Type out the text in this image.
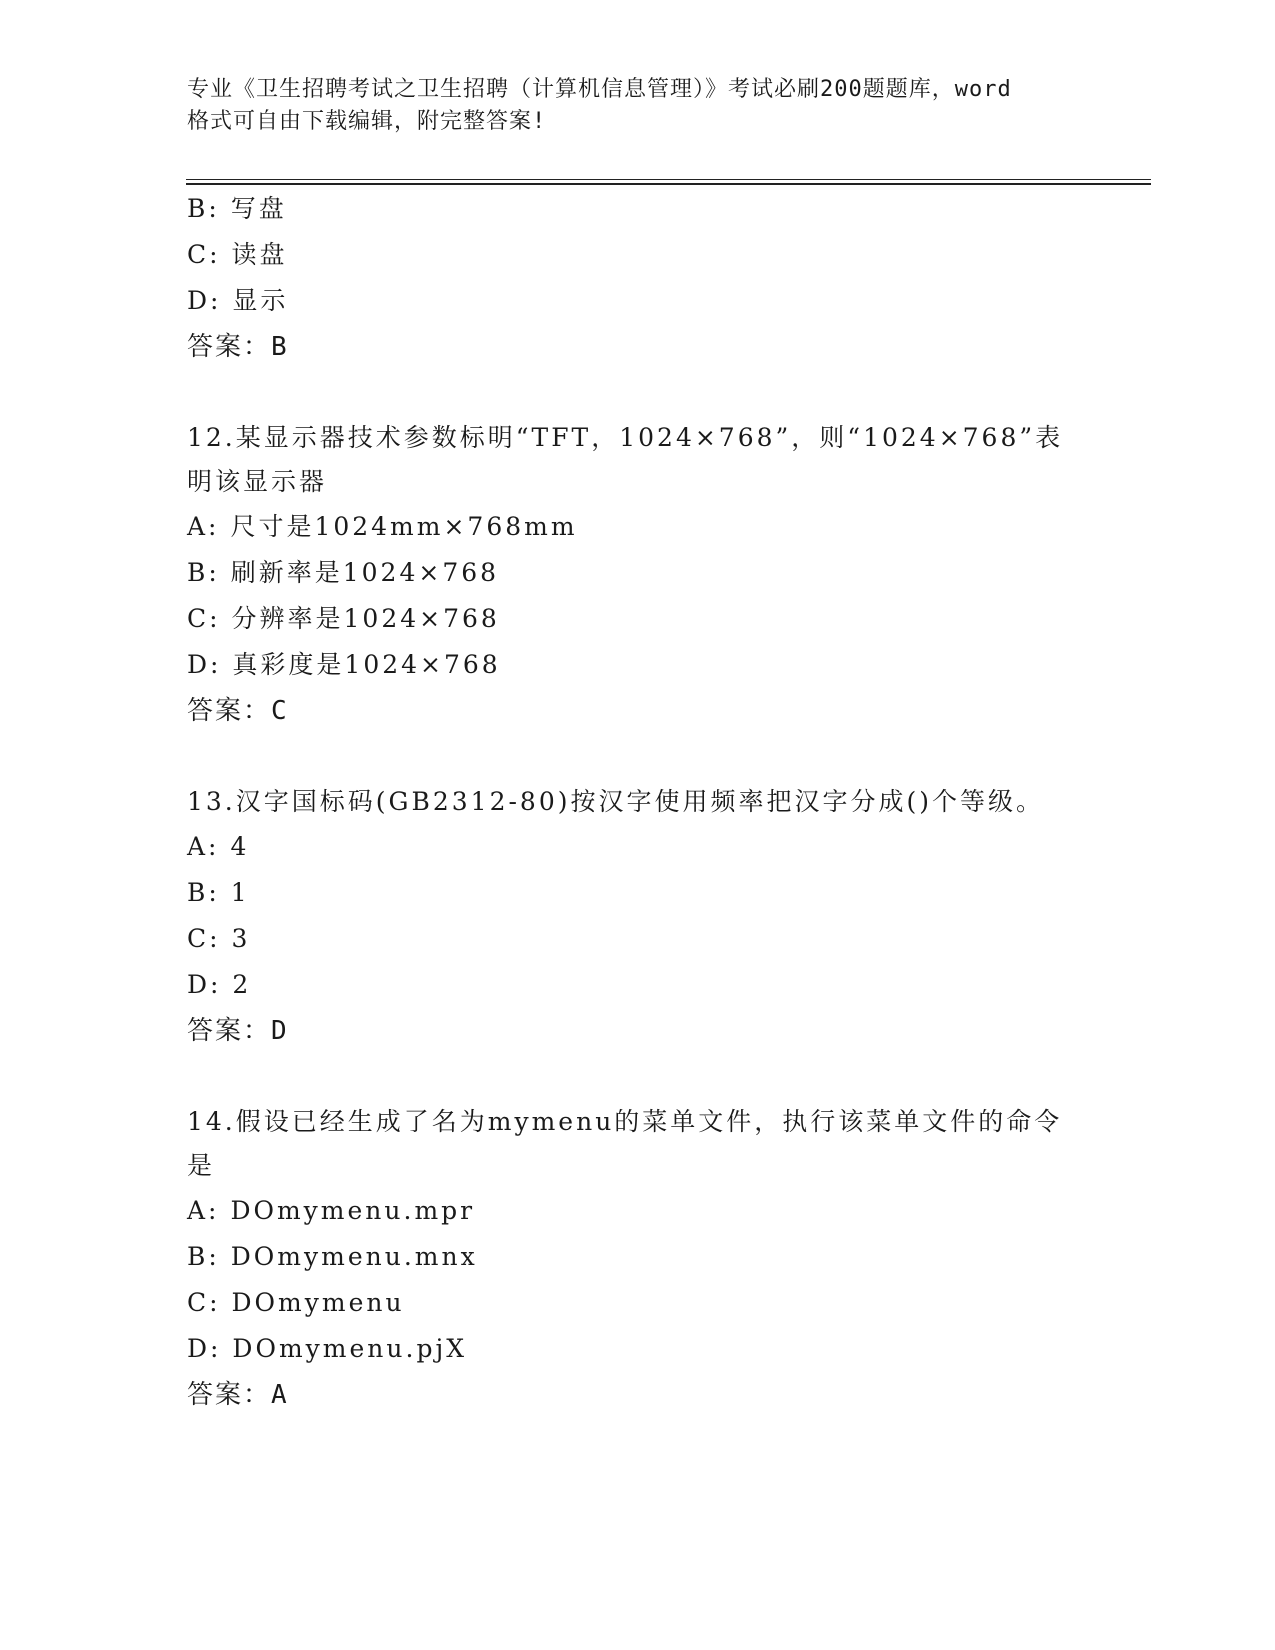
专业《卫生招聘考试之卫生招聘（计算机信息管理）》考试必刷200题题库，word
格式可自由下载编辑，附完整答案!
B: 写盘
C: 读盘
D: 显示
答案：B
12.某显示器技术参数标明“TFT，1024×768”，则“1024×768”表
明该显示器
A: 尺寸是1024mm×768mm
B: 刷新率是1024×768
C: 分辨率是1024×768
D: 真彩度是1024×768
答案：C
13.汉字国标码(GB2312-80)按汉字使用频率把汉字分成()个等级。
A: 4
B: 1
C: 3
D: 2
答案：D
14.假设已经生成了名为mymenu的菜单文件，执行该菜单文件的命令
是
A: DOmymenu.mpr
B: DOmymenu.mnx
C: DOmymenu
D: DOmymenu.pjX
答案：A
